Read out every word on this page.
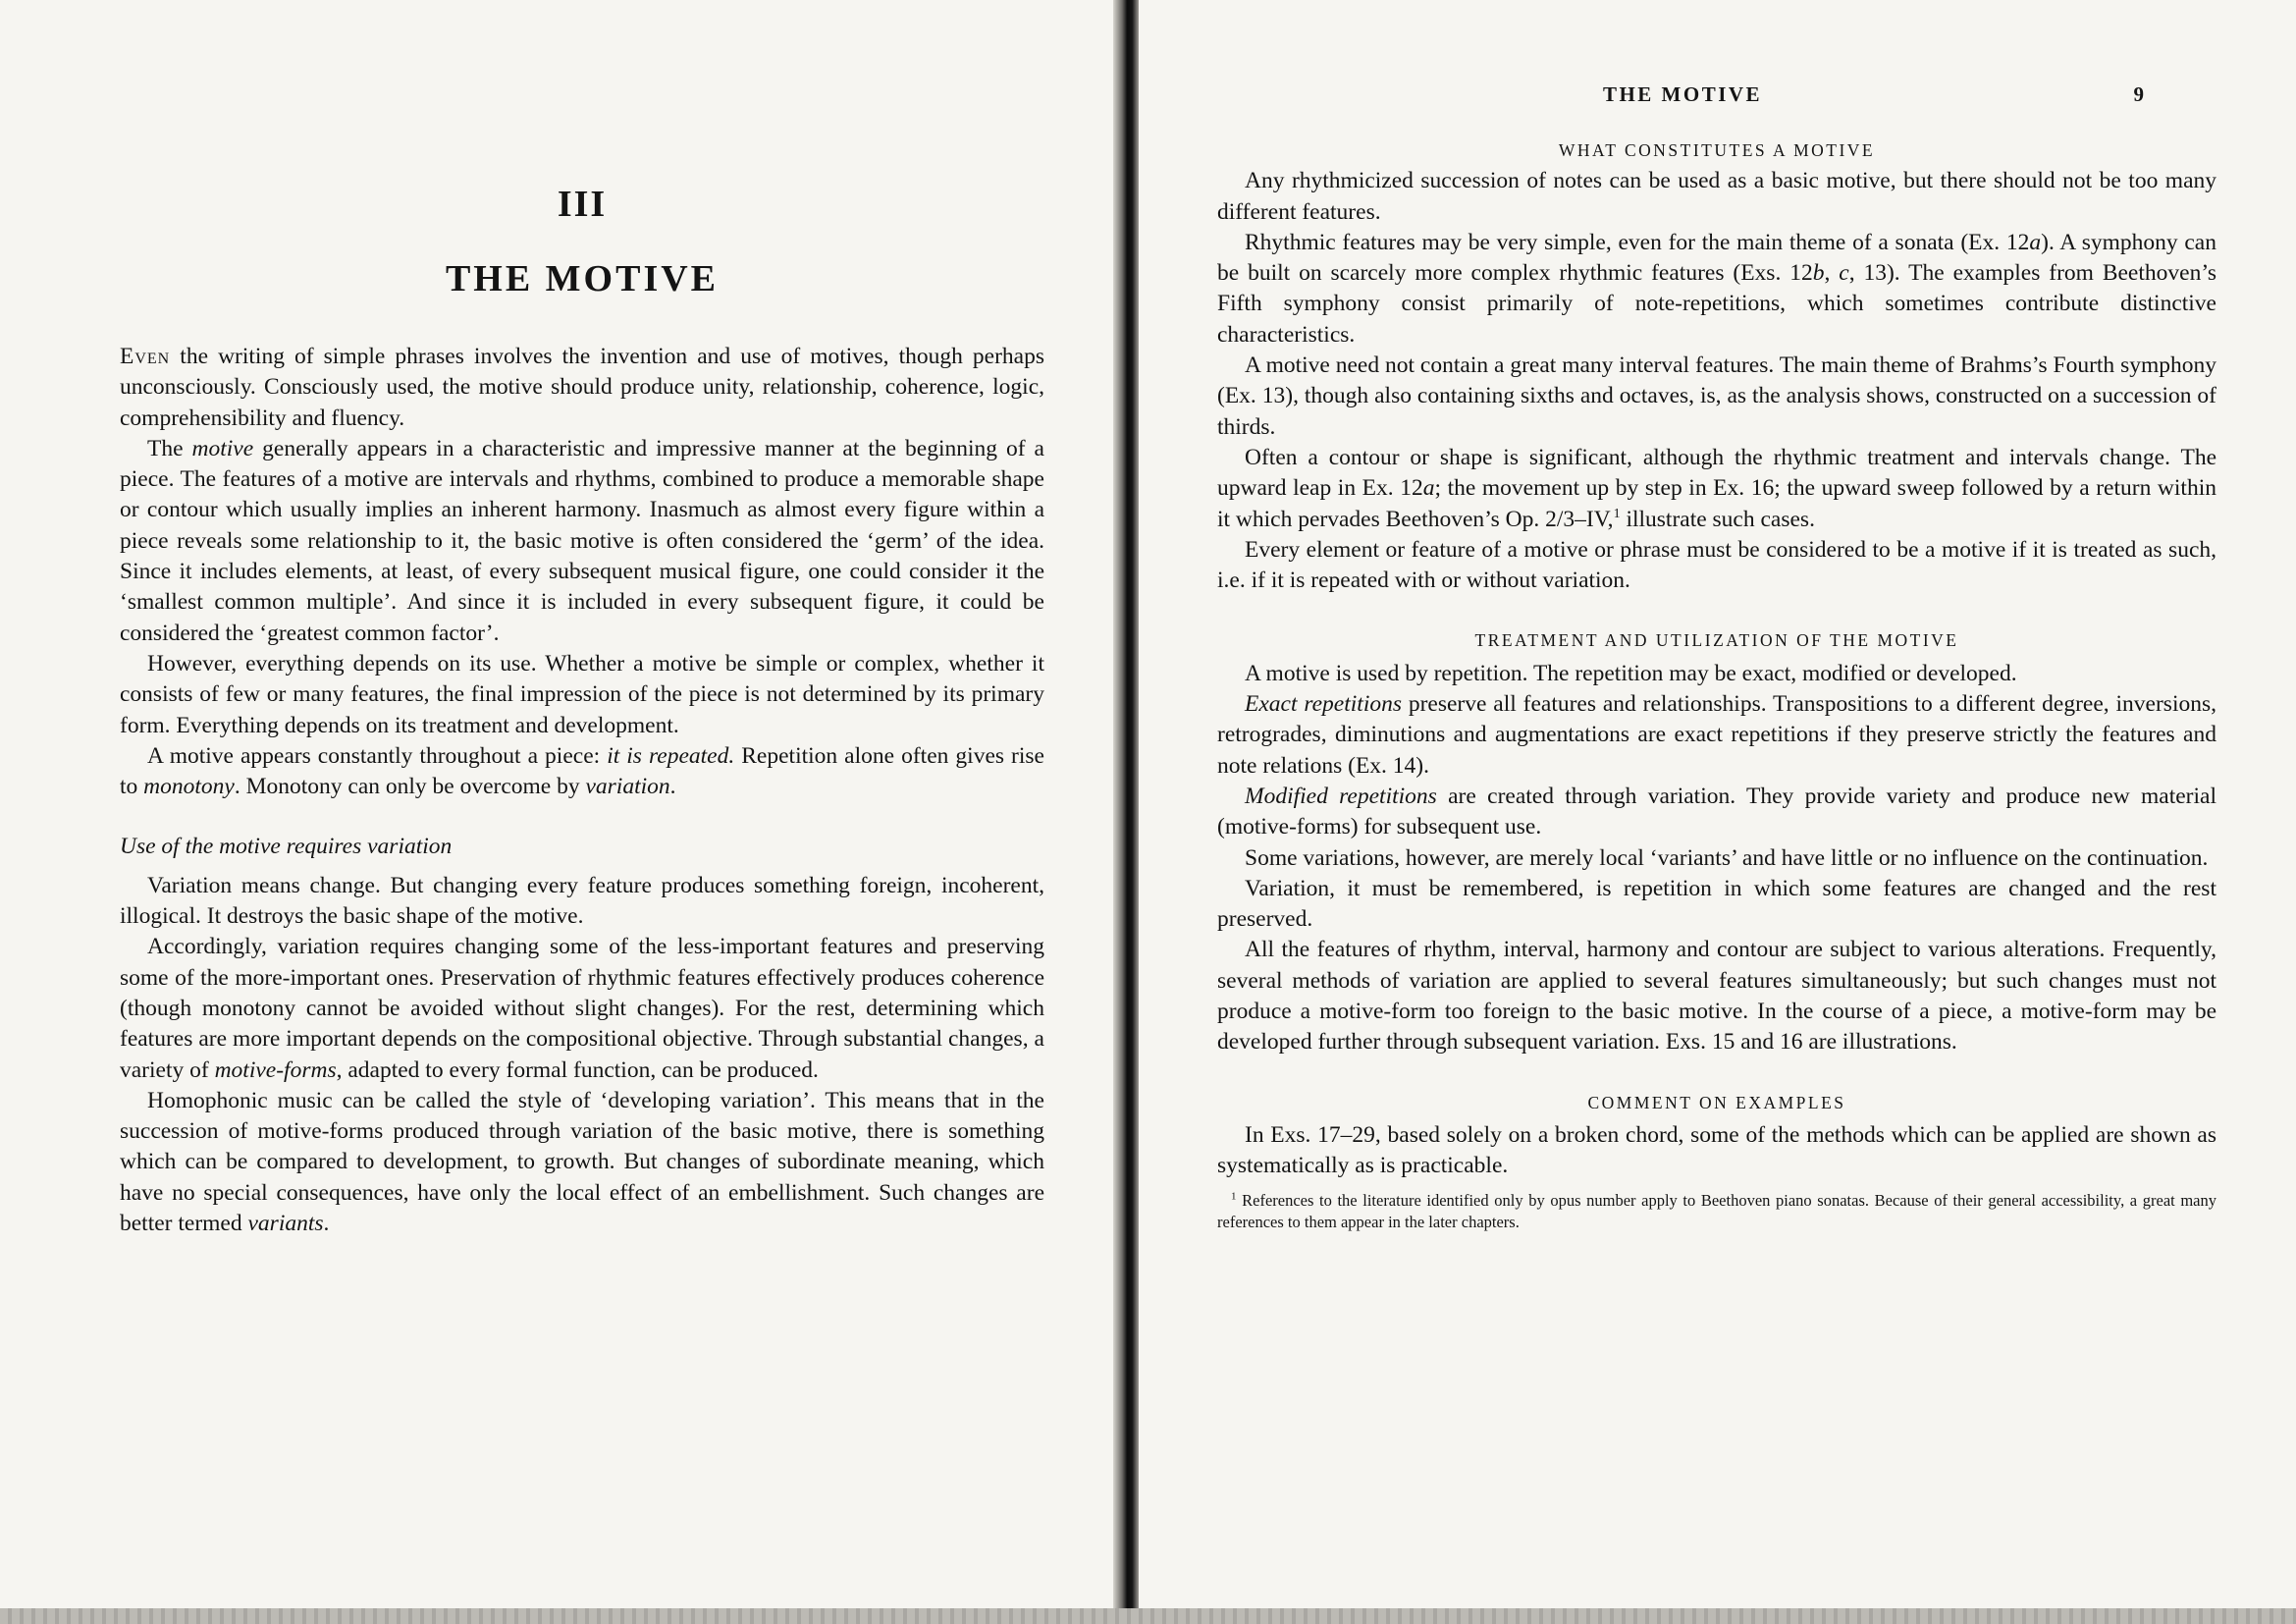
III
THE MOTIVE

Even the writing of simple phrases involves the invention and use of motives, though perhaps unconsciously. Consciously used, the motive should produce unity, relationship, coherence, logic, comprehensibility and fluency.

The motive generally appears in a characteristic and impressive manner at the beginning of a piece. The features of a motive are intervals and rhythms, combined to produce a memorable shape or contour which usually implies an inherent harmony. Inasmuch as almost every figure within a piece reveals some relationship to it, the basic motive is often considered the ‘germ’ of the idea. Since it includes elements, at least, of every subsequent musical figure, one could consider it the ‘smallest common multiple’. And since it is included in every subsequent figure, it could be considered the ‘greatest common factor’.

However, everything depends on its use. Whether a motive be simple or complex, whether it consists of few or many features, the final impression of the piece is not determined by its primary form. Everything depends on its treatment and development.

A motive appears constantly throughout a piece: it is repeated. Repetition alone often gives rise to monotony. Monotony can only be overcome by variation.

Use of the motive requires variation

Variation means change. But changing every feature produces something foreign, incoherent, illogical. It destroys the basic shape of the motive.

Accordingly, variation requires changing some of the less-important features and preserving some of the more-important ones. Preservation of rhythmic features effectively produces coherence (though monotony cannot be avoided without slight changes). For the rest, determining which features are more important depends on the compositional objective. Through substantial changes, a variety of motive-forms, adapted to every formal function, can be produced.

Homophonic music can be called the style of ‘developing variation’. This means that in the succession of motive-forms produced through variation of the basic motive, there is something which can be compared to development, to growth. But changes of subordinate meaning, which have no special consequences, have only the local effect of an embellishment. Such changes are better termed variants.

THE MOTIVE	9

WHAT CONSTITUTES A MOTIVE

Any rhythmicized succession of notes can be used as a basic motive, but there should not be too many different features.

Rhythmic features may be very simple, even for the main theme of a sonata (Ex. 12a). A symphony can be built on scarcely more complex rhythmic features (Exs. 12b, c, 13). The examples from Beethoven’s Fifth symphony consist primarily of note-repetitions, which sometimes contribute distinctive characteristics.

A motive need not contain a great many interval features. The main theme of Brahms’s Fourth symphony (Ex. 13), though also containing sixths and octaves, is, as the analysis shows, constructed on a succession of thirds.

Often a contour or shape is significant, although the rhythmic treatment and intervals change. The upward leap in Ex. 12a; the movement up by step in Ex. 16; the upward sweep followed by a return within it which pervades Beethoven’s Op. 2/3–IV,$^1$ illustrate such cases.

Every element or feature of a motive or phrase must be considered to be a motive if it is treated as such, i.e. if it is repeated with or without variation.

TREATMENT AND UTILIZATION OF THE MOTIVE

A motive is used by repetition. The repetition may be exact, modified or developed.

Exact repetitions preserve all features and relationships. Transpositions to a different degree, inversions, retrogrades, diminutions and augmentations are exact repetitions if they preserve strictly the features and note relations (Ex. 14).

Modified repetitions are created through variation. They provide variety and produce new material (motive-forms) for subsequent use.

Some variations, however, are merely local ‘variants’ and have little or no influence on the continuation.

Variation, it must be remembered, is repetition in which some features are changed and the rest preserved.

All the features of rhythm, interval, harmony and contour are subject to various alterations. Frequently, several methods of variation are applied to several features simultaneously; but such changes must not produce a motive-form too foreign to the basic motive. In the course of a piece, a motive-form may be developed further through subsequent variation. Exs. 15 and 16 are illustrations.

COMMENT ON EXAMPLES

In Exs. 17–29, based solely on a broken chord, some of the methods which can be applied are shown as systematically as is practicable.

$^1$ References to the literature identified only by opus number apply to Beethoven piano sonatas. Because of their general accessibility, a great many references to them appear in the later chapters.
